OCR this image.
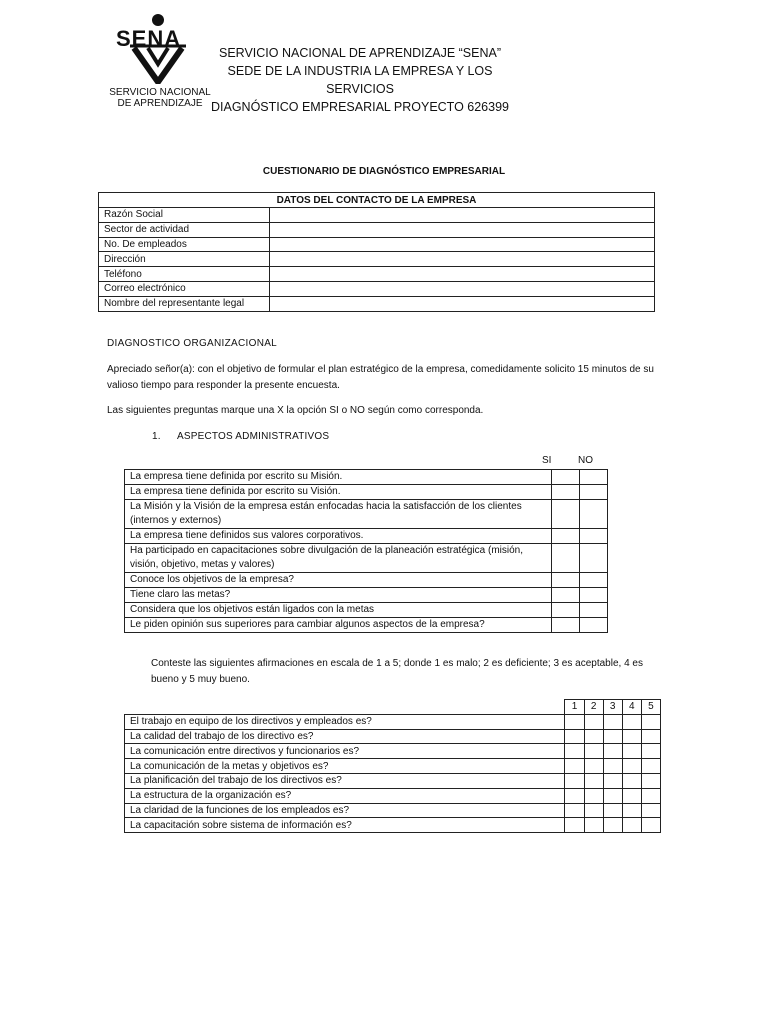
SENA
SERVICIO NACIONAL
DE APRENDIZAJE
SERVICIO NACIONAL DE APRENDIZAJE “SENA”
SEDE DE LA INDUSTRIA LA EMPRESA Y LOS SERVICIOS
DIAGNÓSTICO EMPRESARIAL PROYECTO 626399
CUESTIONARIO DE DIAGNÓSTICO EMPRESARIAL
DATOS DEL CONTACTO DE LA EMPRESA	
Razón Social	
Sector de actividad	
No. De empleados	
Dirección	
Teléfono	
Correo electrónico	
Nombre del representante legal	
DIAGNOSTICO ORGANIZACIONAL
Apreciado señor(a): con el objetivo de formular el plan estratégico de la empresa, comedidamente solicito 15 minutos de su valioso tiempo para responder la presente encuesta.
Las siguientes preguntas marque una X la opción SI o NO según como corresponda.
1. ASPECTOS ADMINISTRATIVOS
SI	NO
La empresa tiene definida por escrito su Misión.		
La empresa tiene definida por escrito su Visión.		
La Misión y la Visión de la empresa están enfocadas hacia la satisfacción de los clientes (internos y externos)		
La empresa tiene definidos sus valores corporativos.		
Ha participado en capacitaciones sobre divulgación de la planeación estratégica (misión, visión, objetivo, metas y valores)		
Conoce los objetivos de la empresa?		
Tiene claro las metas?		
Considera que los objetivos están ligados con la metas		
Le piden opinión sus superiores para cambiar algunos aspectos de la empresa?		
Conteste las siguientes afirmaciones en escala de 1 a 5; donde 1 es malo; 2 es deficiente; 3 es aceptable, 4 es bueno y 5 muy bueno.
	1	2	3	4	5
El trabajo en equipo de los directivos y empleados es?					
La calidad del trabajo de los directivo es?					
La comunicación entre directivos y funcionarios es?					
La comunicación de la metas y objetivos es?					
La planificación del trabajo de los directivos es?					
La estructura de la organización es?					
La claridad de la funciones de los empleados es?					
La capacitación sobre sistema de información es?					
